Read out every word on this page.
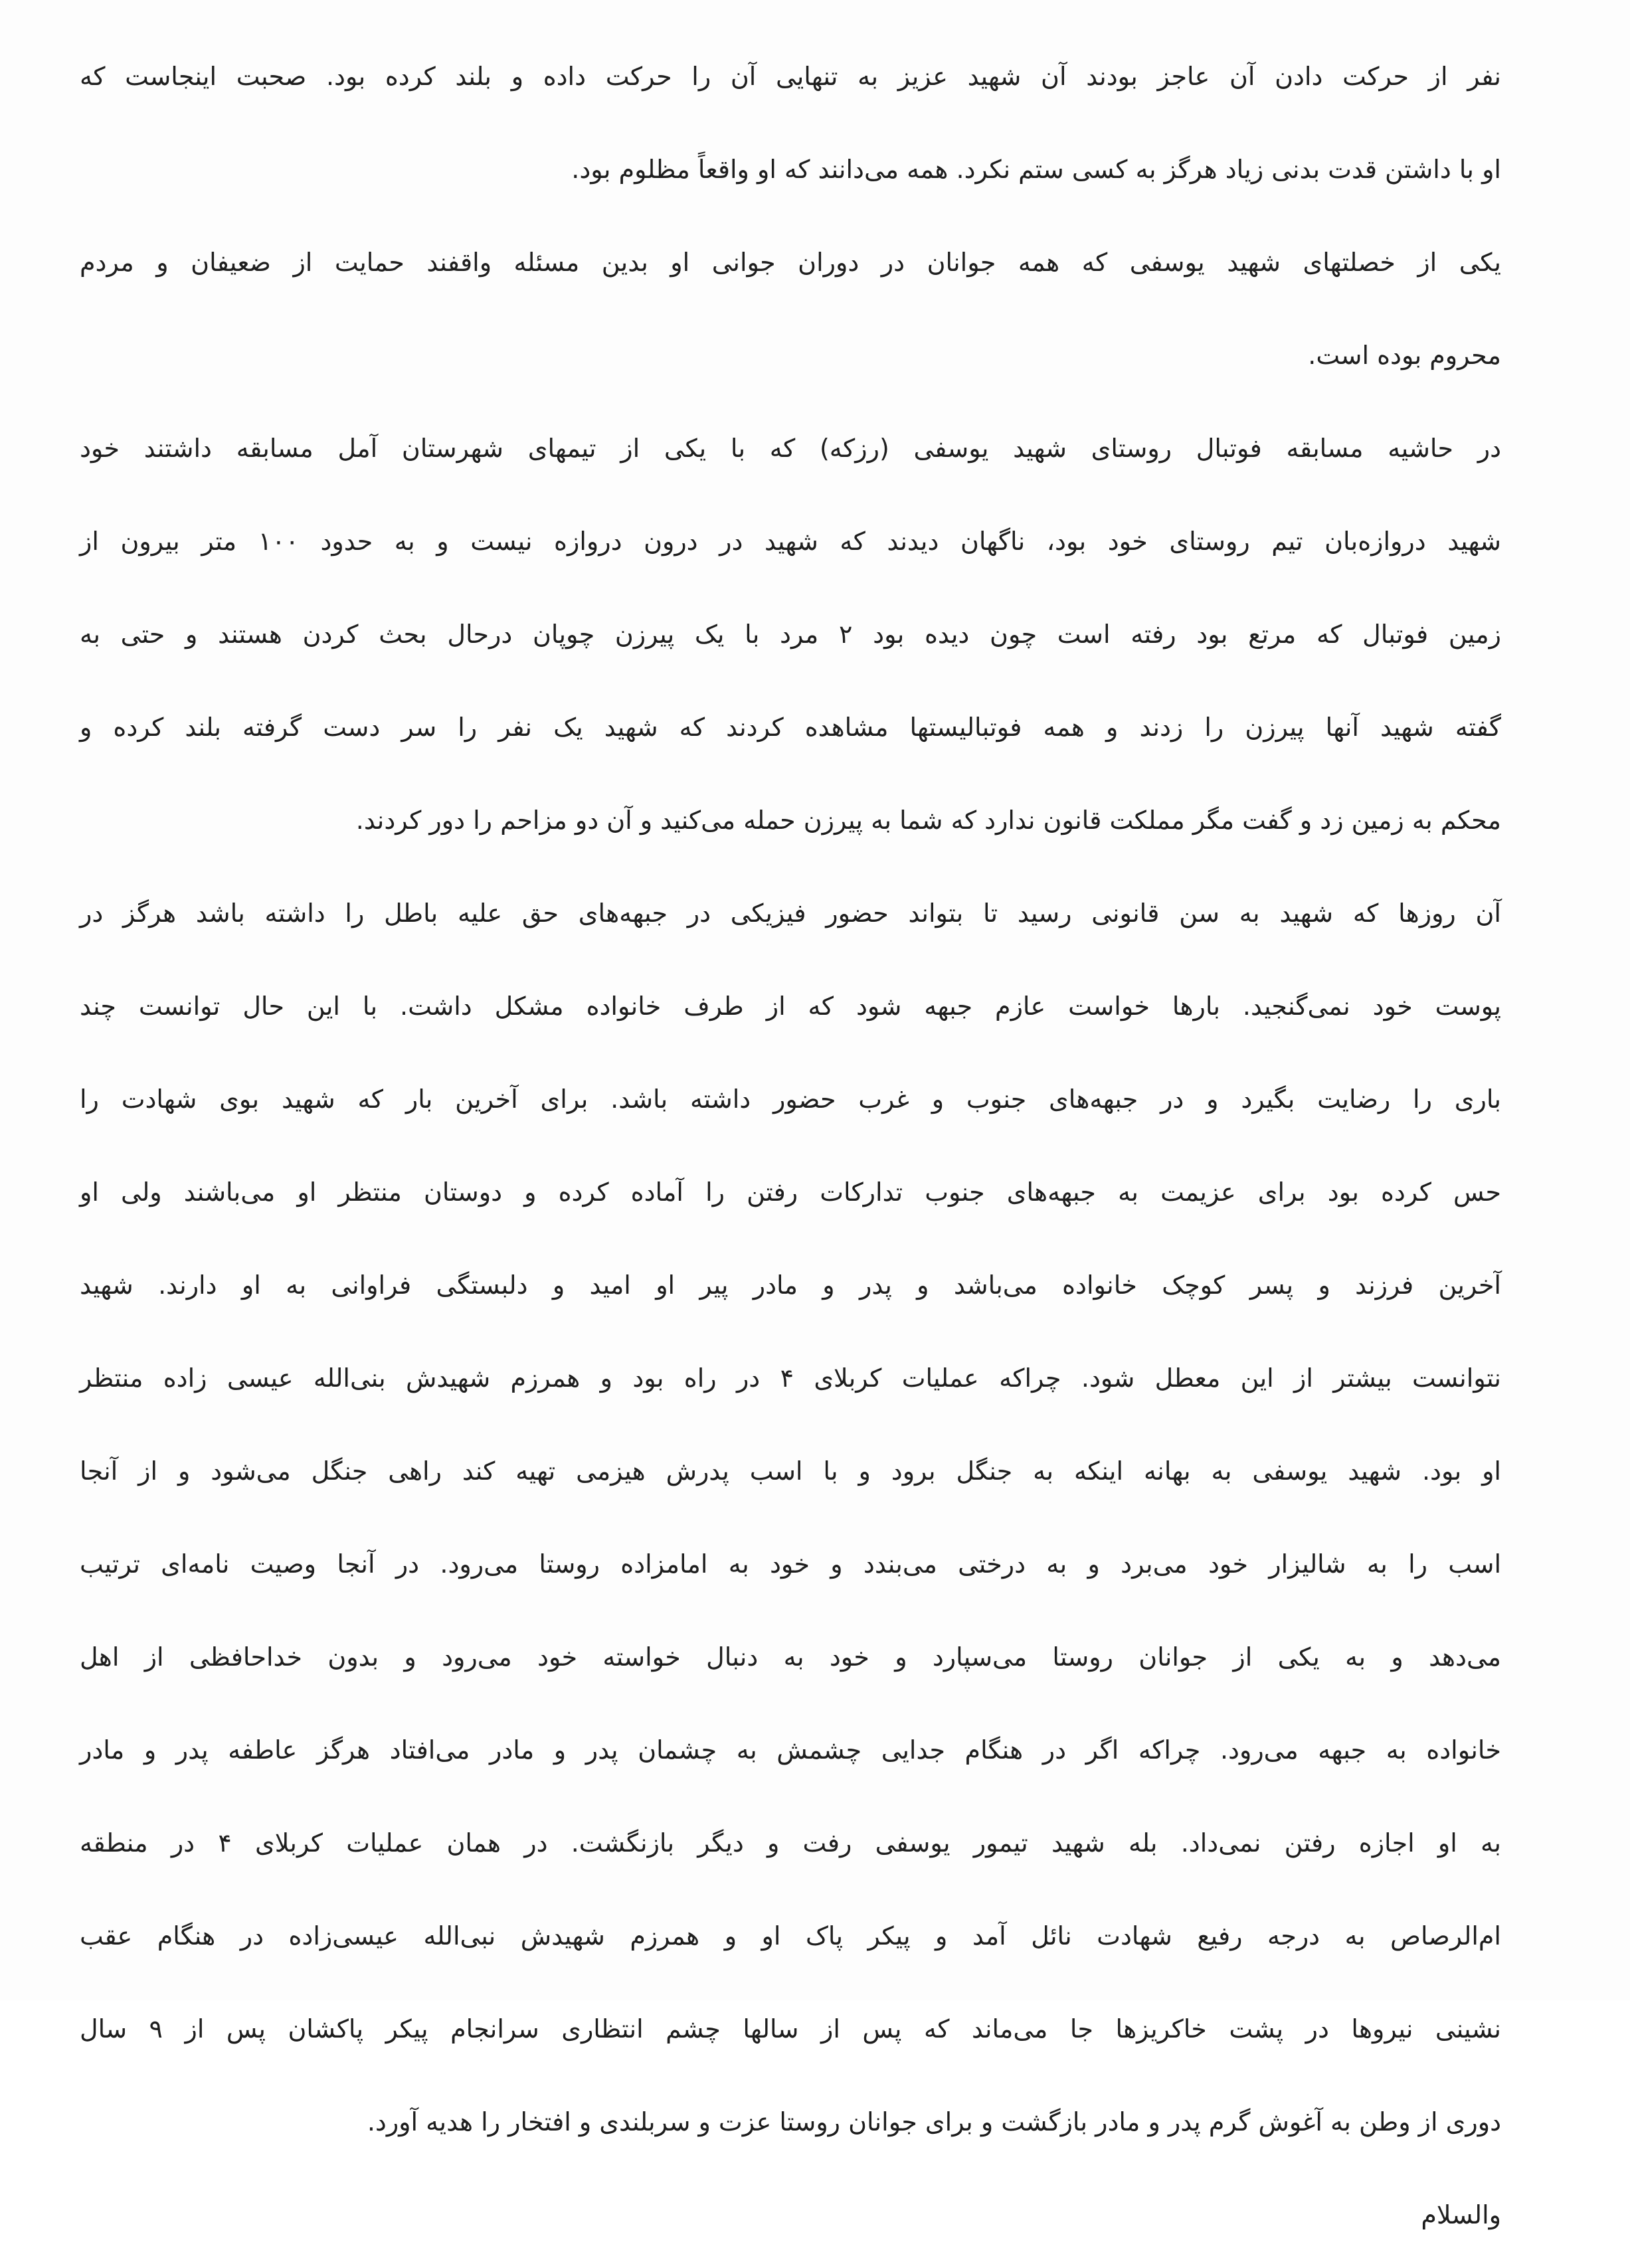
نفر از حرکت دادن آن عاجز بودند آن شهید عزیز به تنهایی آن را حرکت داده و بلند کرده بود. صحبت اینجاست که
او با داشتن قدت بدنی زیاد هرگز به کسی ستم نکرد. همه می‌دانند که او واقعاً مظلوم بود.
یکی از خصلتهای شهید یوسفی که همه جوانان در دوران جوانی او بدین مسئله واقفند حمایت از ضعیفان و مردم
محروم بوده است.
در حاشیه مسابقه فوتبال روستای شهید یوسفی (رزکه) که با یکی از تیمهای شهرستان آمل مسابقه داشتند خود
شهید دروازه‌بان تیم روستای خود بود، ناگهان دیدند که شهید در درون دروازه نیست و به حدود ۱۰۰ متر بیرون از
زمین فوتبال که مرتع بود رفته است چون دیده بود ۲ مرد با یک پیرزن چوپان درحال بحث کردن هستند و حتی به
گفته شهید آنها پیرزن را زدند و همه فوتبالیستها مشاهده کردند که شهید یک نفر را سر دست گرفته بلند کرده و
محکم به زمین زد و گفت مگر مملکت قانون ندارد که شما به پیرزن حمله می‌کنید و آن دو مزاحم را دور کردند.
آن روزها که شهید به سن قانونی رسید تا بتواند حضور فیزیکی در جبهه‌های حق علیه باطل را داشته باشد هرگز در
پوست خود نمی‌گنجید. بارها خواست عازم جبهه شود که از طرف خانواده مشکل داشت. با این حال توانست چند
باری را رضایت بگیرد و در جبهه‌های جنوب و غرب حضور داشته باشد. برای آخرین بار که شهید بوی شهادت را
حس کرده بود برای عزیمت به جبهه‌های جنوب تدارکات رفتن را آماده کرده و دوستان منتظر او می‌باشند ولی او
آخرین فرزند و پسر کوچک خانواده می‌باشد و پدر و مادر پیر او امید و دلبستگی فراوانی به او دارند. شهید
نتوانست بیشتر از این معطل شود. چراکه عملیات کربلای ۴ در راه بود و همرزم شهیدش بنی‌الله عیسی زاده منتظر
او بود. شهید یوسفی به بهانه اینکه به جنگل برود و با اسب پدرش هیزمی تهیه کند راهی جنگل می‌شود و از آنجا
اسب را به شالیزار خود می‌برد و به درختی می‌بندد و خود به امامزاده روستا می‌رود. در آنجا وصیت نامه‌ای ترتیب
می‌دهد و به یکی از جوانان روستا می‌سپارد و خود به دنبال خواسته خود می‌رود و بدون خداحافظی از اهل
خانواده به جبهه می‌رود. چراکه اگر در هنگام جدایی چشمش به چشمان پدر و مادر می‌افتاد هرگز عاطفه پدر و مادر
به او اجازه رفتن نمی‌داد. بله شهید تیمور یوسفی رفت و دیگر بازنگشت. در همان عملیات کربلای ۴ در منطقه
ام‌الرصاص به درجه رفیع شهادت نائل آمد و پیکر پاک او و همرزم شهیدش نبی‌الله عیسی‌زاده در هنگام عقب
نشینی نیروها در پشت خاکریزها جا می‌ماند که پس از سالها چشم انتظاری سرانجام پیکر پاکشان پس از ۹ سال
دوری از وطن به آغوش گرم پدر و مادر بازگشت و برای جوانان روستا عزت و سربلندی و افتخار را هدیه آورد.
والسلام
